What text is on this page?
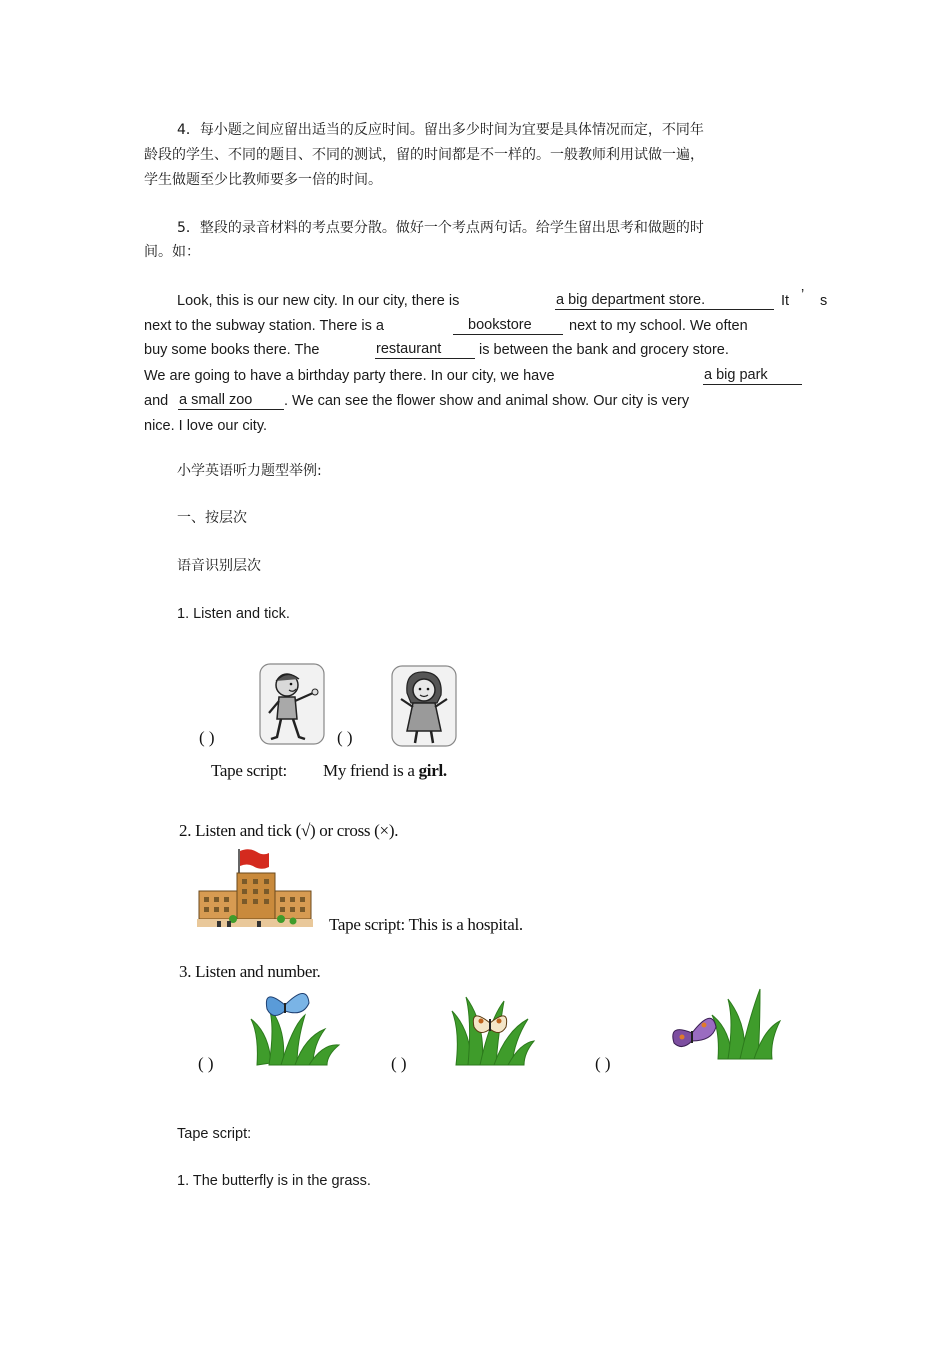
4．每小题之间应留出适当的反应时间。留出多少时间为宜要是具体情况而定，不同年
龄段的学生、不同的题目、不同的测试，留的时间都是不一样的。一般教师利用试做一遍，
学生做题至少比教师要多一倍的时间。
5．整段的录音材料的考点要分散。做好一个考点两句话。给学生留出思考和做题的时
间。如：
Look, this is our new city. In our city, there is	a big department store.	It ’ s
next to the subway station. There is a	bookstore	next to my school. We often
buy some books there. The	restaurant	is between the bank and grocery store.
We are going to have a birthday party there. In our city, we have	a big park
and a small zoo . We can see the flower show and animal show. Our city is very
nice. I love our city.
小学英语听力题型举例:
一、按层次
语音识别层次
1. Listen and tick.
( )	( )
Tape script: My friend is a girl.
2. Listen and tick (√) or cross (×).
Tape script: This is a hospital.
3. Listen and number.
( )	( )	( )
Tape script:
1. The butterfly is in the grass.
